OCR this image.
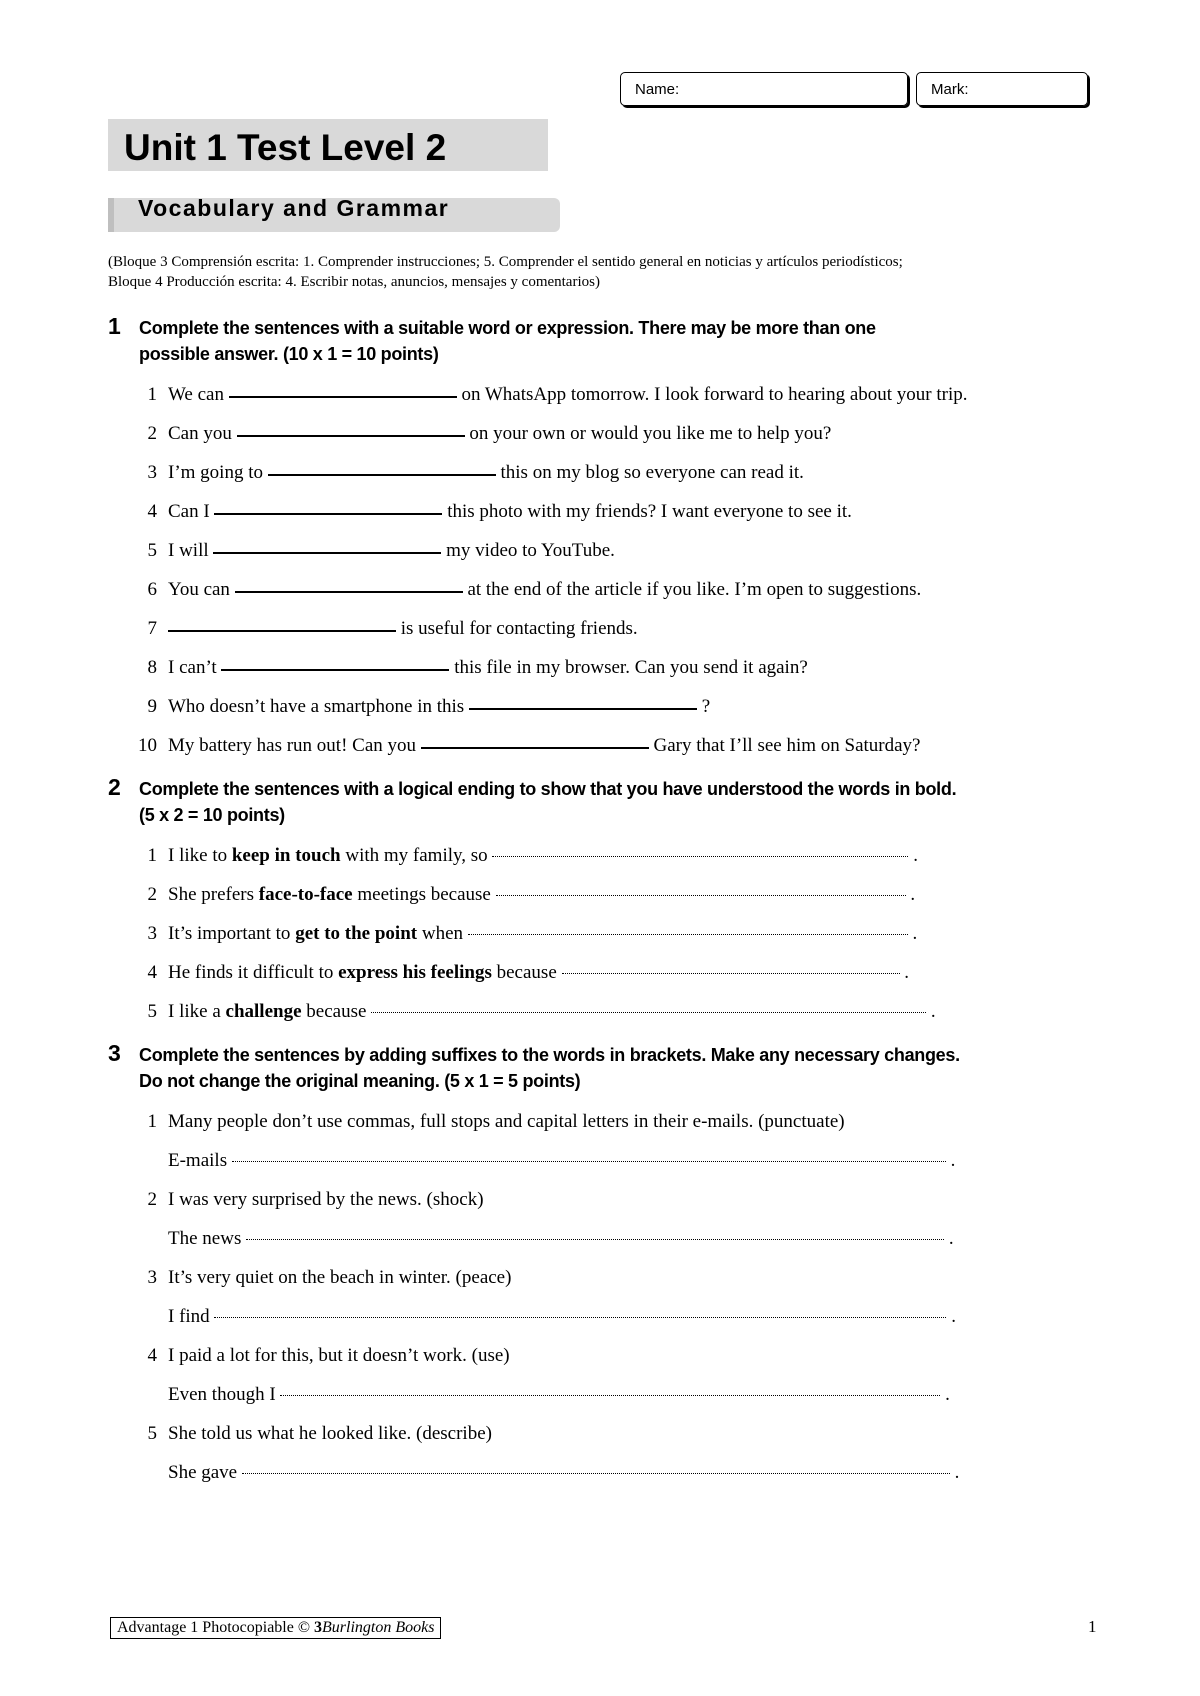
Name:	Mark:
Unit 1 Test Level 2
Vocabulary and Grammar
(Bloque 3 Comprensión escrita: 1. Comprender instrucciones; 5. Comprender el sentido general en noticias y artículos periodísticos;
Bloque 4 Producción escrita: 4. Escribir notas, anuncios, mensajes y comentarios)
1 Complete the sentences with a suitable word or expression. There may be more than one
possible answer. (10 x 1 = 10 points)
1 We can	on WhatsApp tomorrow. I look forward to hearing about your trip.
2 Can you	on your own or would you like me to help you?
3 I’m going to	this on my blog so everyone can read it.
4 Can I	this photo with my friends? I want everyone to see it.
5 I will	my video to YouTube.
6 You can	at the end of the article if you like. I’m open to suggestions.
7	is useful for contacting friends.
8 I can’t	this file in my browser. Can you send it again?
9 Who doesn’t have a smartphone in this	?
10 My battery has run out! Can you	Gary that I’ll see him on Saturday?
2 Complete the sentences with a logical ending to show that you have understood the words in bold.
(5 x 2 = 10 points)
1 I like to keep in touch with my family, so	.
2 She prefers face-to-face meetings because	.
3 It’s important to get to the point when	.
4 He finds it difficult to express his feelings because	.
5 I like a challenge because	.
3 Complete the sentences by adding suffixes to the words in brackets. Make any necessary changes.
Do not change the original meaning. (5 x 1 = 5 points)
1 Many people don’t use commas, full stops and capital letters in their e-mails. (punctuate)
E-mails	.
2 I was very surprised by the news. (shock)
The news	.
3 It’s very quiet on the beach in winter. (peace)
I find	.
4 I paid a lot for this, but it doesn’t work. (use)
Even though I	.
5 She told us what he looked like. (describe)
She gave	.
Advantage 1 Photocopiable © 3Burlington Books	1
